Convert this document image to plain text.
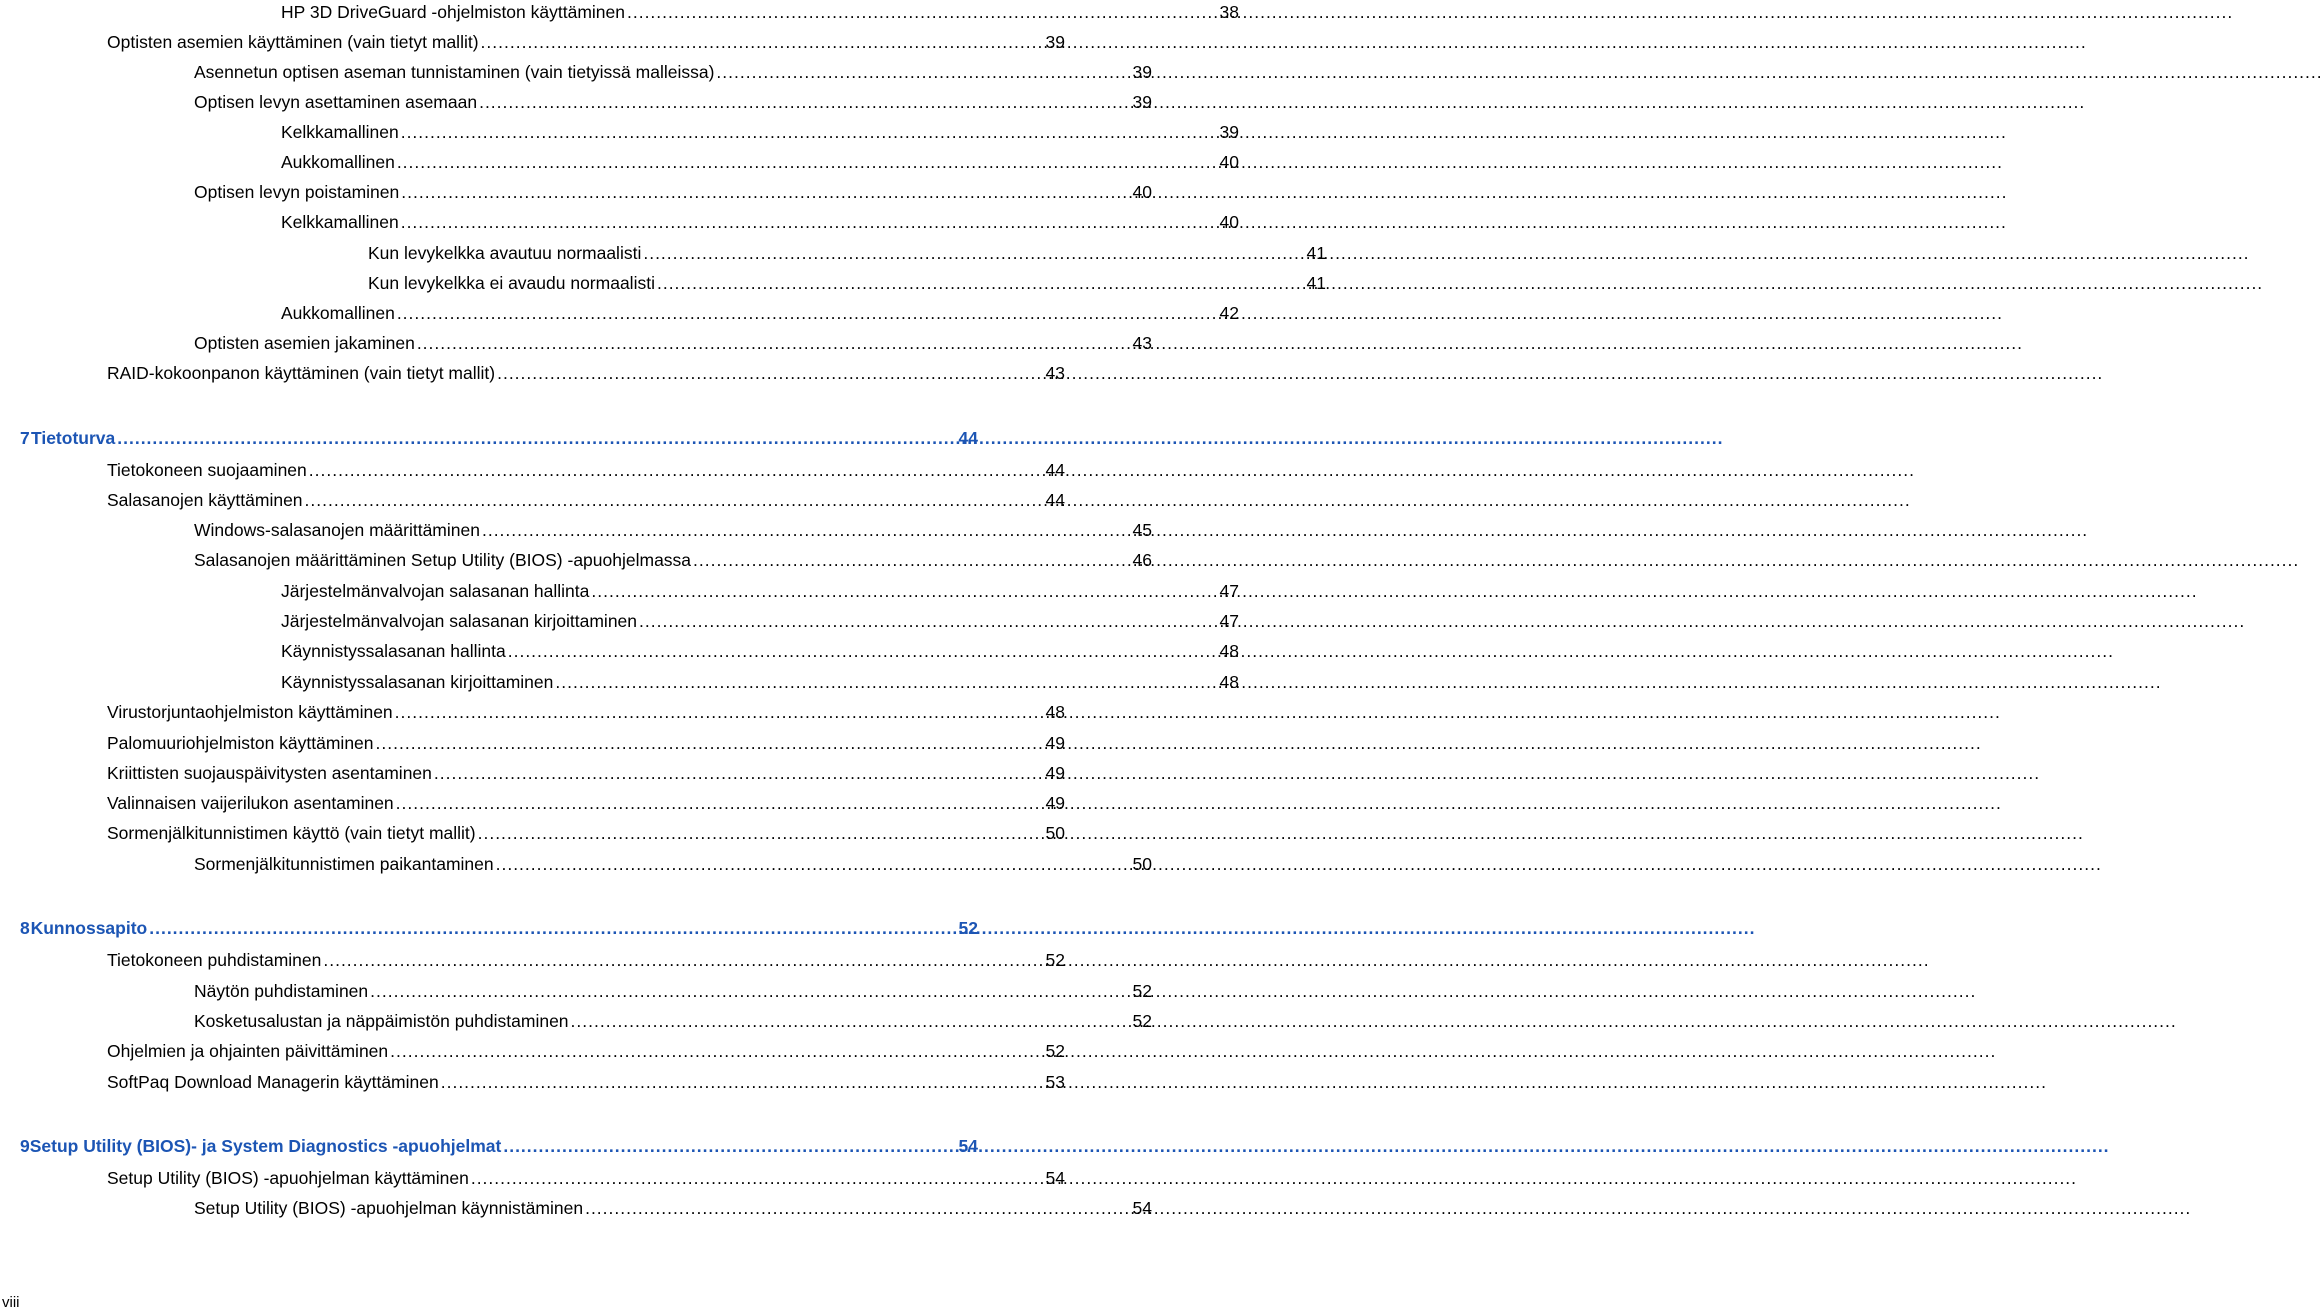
HP 3D DriveGuard -ohjelmiston käyttäminen .....	38
Optisten asemien käyttäminen (vain tietyt mallit) .....	39
Asennetun optisen aseman tunnistaminen (vain tietyissä malleissa) .....	39
Optisen levyn asettaminen asemaan .....	39
Kelkkamallinen .....	39
Aukkomallinen .....	40
Optisen levyn poistaminen .....	40
Kelkkamallinen .....	40
Kun levykelkka avautuu normaalisti .....	41
Kun levykelkka ei avaudu normaalisti .....	41
Aukkomallinen .....	42
Optisten asemien jakaminen .....	43
RAID-kokoonpanon käyttäminen (vain tietyt mallit) .....	43
7 Tietoturva .....	44
Tietokoneen suojaaminen .....	44
Salasanojen käyttäminen .....	44
Windows-salasanojen määrittäminen .....	45
Salasanojen määrittäminen Setup Utility (BIOS) -apuohjelmassa .....	46
Järjestelmänvalvojan salasanan hallinta .....	47
Järjestelmänvalvojan salasanan kirjoittaminen .....	47
Käynnistyssalasanan hallinta .....	48
Käynnistyssalasanan kirjoittaminen .....	48
Virustorjuntaohjelmiston käyttäminen .....	48
Palomuuriohjelmiston käyttäminen .....	49
Kriittisten suojauspäivitysten asentaminen .....	49
Valinnaisen vaijerilukon asentaminen .....	49
Sormenjälkitunnistimen käyttö (vain tietyt mallit) .....	50
Sormenjälkitunnistimen paikantaminen .....	50
8 Kunnossapito .....	52
Tietokoneen puhdistaminen .....	52
Näytön puhdistaminen .....	52
Kosketusalustan ja näppäimistön puhdistaminen .....	52
Ohjelmien ja ohjainten päivittäminen .....	52
SoftPaq Download Managerin käyttäminen .....	53
9 Setup Utility (BIOS)- ja System Diagnostics -apuohjelmat .....	54
Setup Utility (BIOS) -apuohjelman käyttäminen .....	54
Setup Utility (BIOS) -apuohjelman käynnistäminen .....	54
viii
